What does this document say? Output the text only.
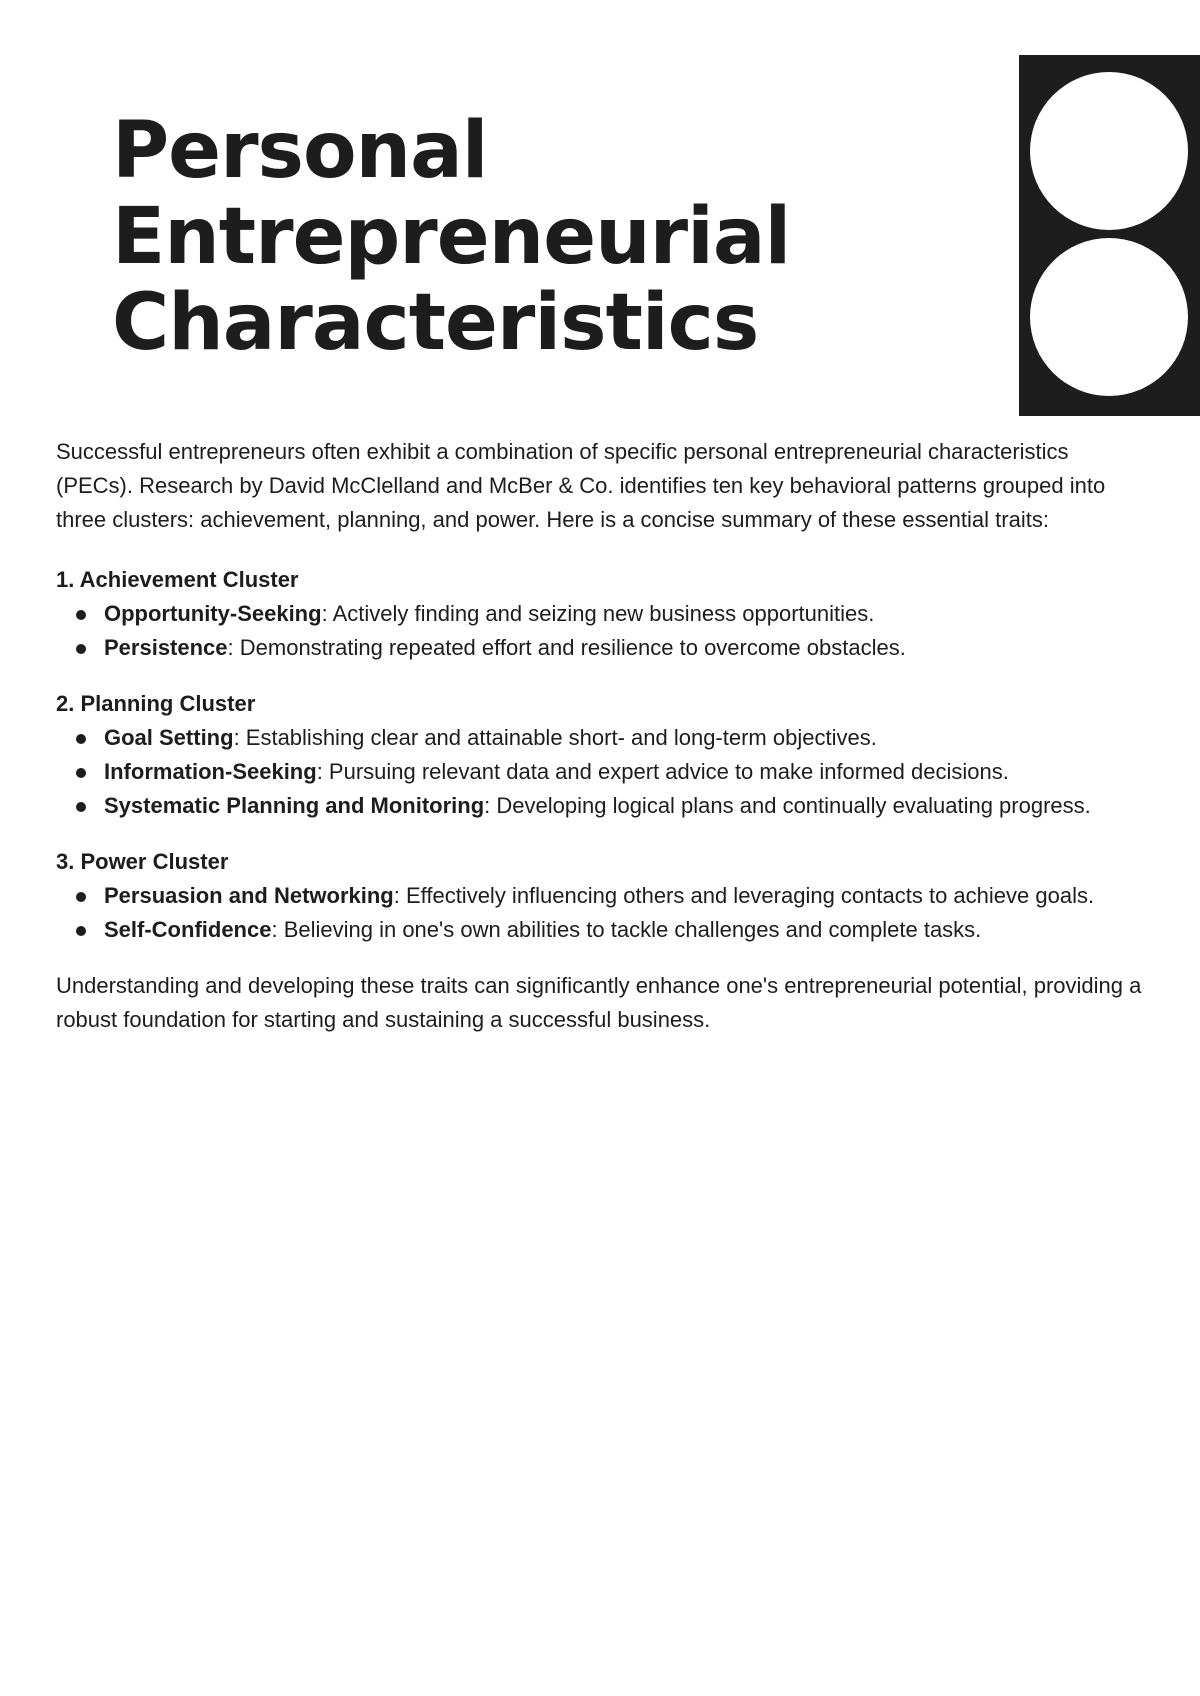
Personal
Entrepreneurial
Characteristics

Successful entrepreneurs often exhibit a combination of specific personal entrepreneurial characteristics (PECs). Research by David McClelland and McBer & Co. identifies ten key behavioral patterns grouped into three clusters: achievement, planning, and power. Here is a concise summary of these essential traits:

1. Achievement Cluster

Opportunity-Seeking: Actively finding and seizing new business opportunities.
Persistence: Demonstrating repeated effort and resilience to overcome obstacles.

2. Planning Cluster

Goal Setting: Establishing clear and attainable short- and long-term objectives.
Information-Seeking: Pursuing relevant data and expert advice to make informed decisions.
Systematic Planning and Monitoring: Developing logical plans and continually evaluating progress.

3. Power Cluster

Persuasion and Networking: Effectively influencing others and leveraging contacts to achieve goals.
Self-Confidence: Believing in one's own abilities to tackle challenges and complete tasks.

Understanding and developing these traits can significantly enhance one's entrepreneurial potential, providing a robust foundation for starting and sustaining a successful business.
